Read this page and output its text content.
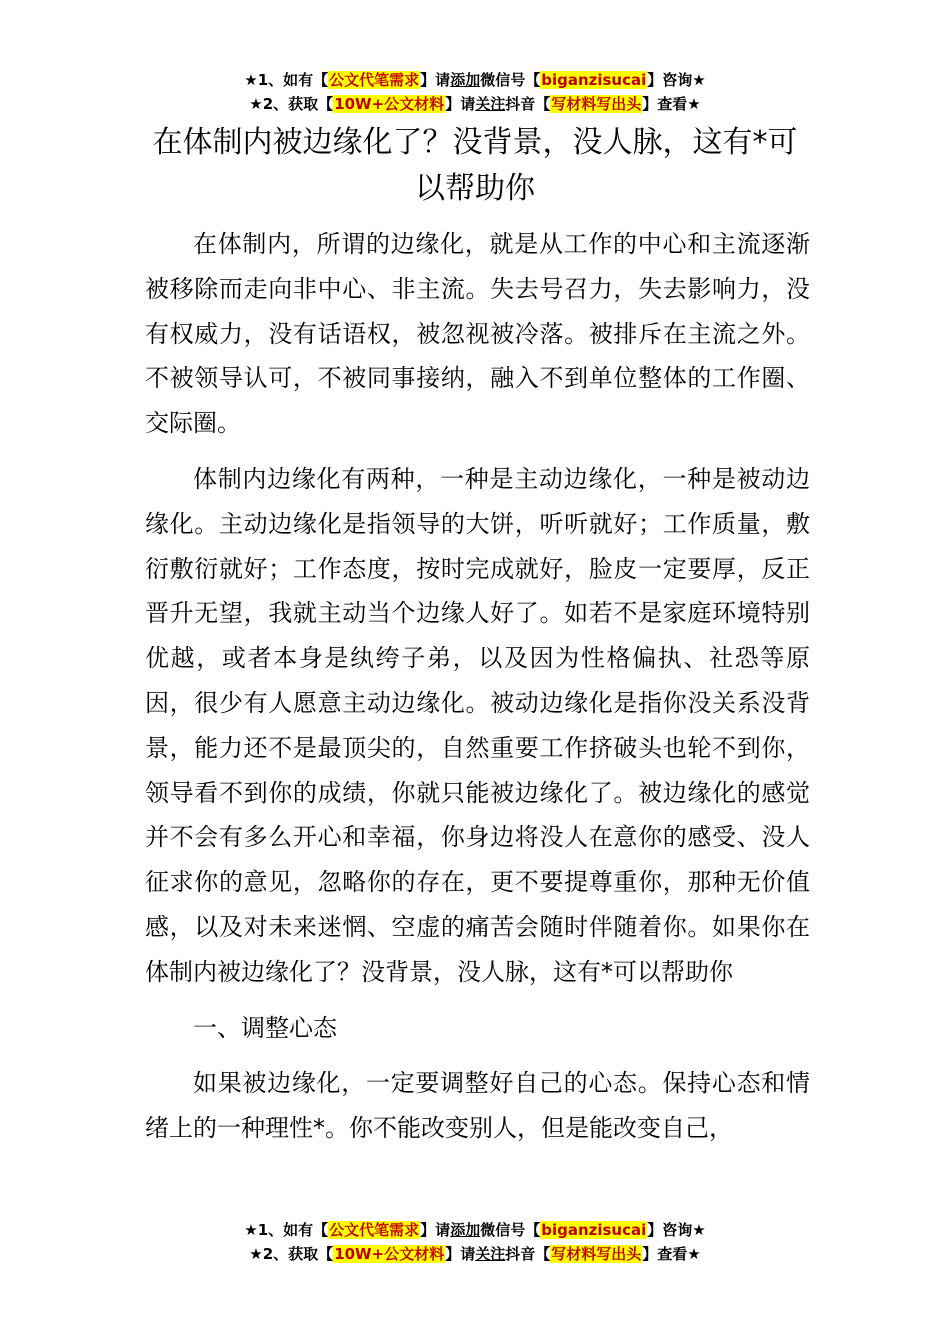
★1、如有【公文代笔需求】请添加微信号【biganzisucai】咨询★
★2、获取【10W+公文材料】请关注抖音【写材料写出头】查看★
在体制内被边缘化了？没背景，没人脉，这有*可以帮助你

在体制内，所谓的边缘化，就是从工作的中心和主流逐渐被移除而走向非中心、非主流。失去号召力，失去影响力，没有权威力，没有话语权，被忽视被冷落。被排斥在主流之外。不被领导认可，不被同事接纳，融入不到单位整体的工作圈、交际圈。

体制内边缘化有两种，一种是主动边缘化，一种是被动边缘化。主动边缘化是指领导的大饼，听听就好；工作质量，敷衍敷衍就好；工作态度，按时完成就好，脸皮一定要厚，反正晋升无望，我就主动当个边缘人好了。如若不是家庭环境特别优越，或者本身是纨绔子弟，以及因为性格偏执、社恐等原因，很少有人愿意主动边缘化。被动边缘化是指你没关系没背景，能力还不是最顶尖的，自然重要工作挤破头也轮不到你，领导看不到你的成绩，你就只能被边缘化了。被边缘化的感觉并不会有多么开心和幸福，你身边将没人在意你的感受、没人征求你的意见，忽略你的存在，更不要提尊重你，那种无价值感，以及对未来迷惘、空虚的痛苦会随时伴随着你。如果你在体制内被边缘化了？没背景，没人脉，这有*可以帮助你

一、调整心态

如果被边缘化，一定要调整好自己的心态。保持心态和情绪上的一种理性*。你不能改变别人，但是能改变自己，

★1、如有【公文代笔需求】请添加微信号【biganzisucai】咨询★
★2、获取【10W+公文材料】请关注抖音【写材料写出头】查看★
